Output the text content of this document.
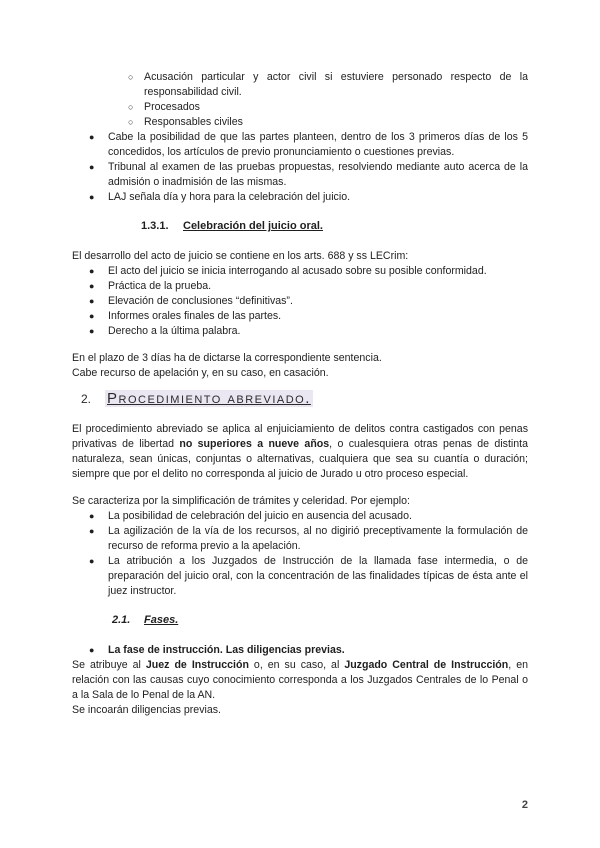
○ Acusación particular y actor civil si estuviere personado respecto de la responsabilidad civil.
○ Procesados
○ Responsables civiles
● Cabe la posibilidad de que las partes planteen, dentro de los 3 primeros días de los 5 concedidos, los artículos de previo pronunciamiento o cuestiones previas.
● Tribunal al examen de las pruebas propuestas, resolviendo mediante auto acerca de la admisión o inadmisión de las mismas.
● LAJ señala día y hora para la celebración del juicio.
1.3.1. Celebración del juicio oral.

El desarrollo del acto de juicio se contiene en los arts. 688 y ss LECrim:

● El acto del juicio se inicia interrogando al acusado sobre su posible conformidad.
● Práctica de la prueba.
● Elevación de conclusiones “definitivas”.
● Informes orales finales de las partes.
● Derecho a la última palabra.

En el plazo de 3 días ha de dictarse la correspondiente sentencia.

Cabe recurso de apelación y, en su caso, en casación.

2. Procedimiento abreviado.

El procedimiento abreviado se aplica al enjuiciamiento de delitos contra castigados con penas privativas de libertad no superiores a nueve años, o cualesquiera otras penas de distinta naturaleza, sean únicas, conjuntas o alternativas, cualquiera que sea su cuantía o duración; siempre que por el delito no corresponda al juicio de Jurado u otro proceso especial.

Se caracteriza por la simplificación de trámites y celeridad. Por ejemplo:

● La posibilidad de celebración del juicio en ausencia del acusado.
● La agilización de la vía de los recursos, al no digirió preceptivamente la formulación de recurso de reforma previo a la apelación.
● La atribución a los Juzgados de Instrucción de la llamada fase intermedia, o de preparación del juicio oral, con la concentración de las finalidades típicas de ésta ante el juez instructor.
2.1. Fases.
● La fase de instrucción. Las diligencias previas.

Se atribuye al Juez de Instrucción o, en su caso, al Juzgado Central de Instrucción, en relación con las causas cuyo conocimiento corresponda a los Juzgados Centrales de lo Penal o a la Sala de lo Penal de la AN.

Se incoarán diligencias previas.

2
